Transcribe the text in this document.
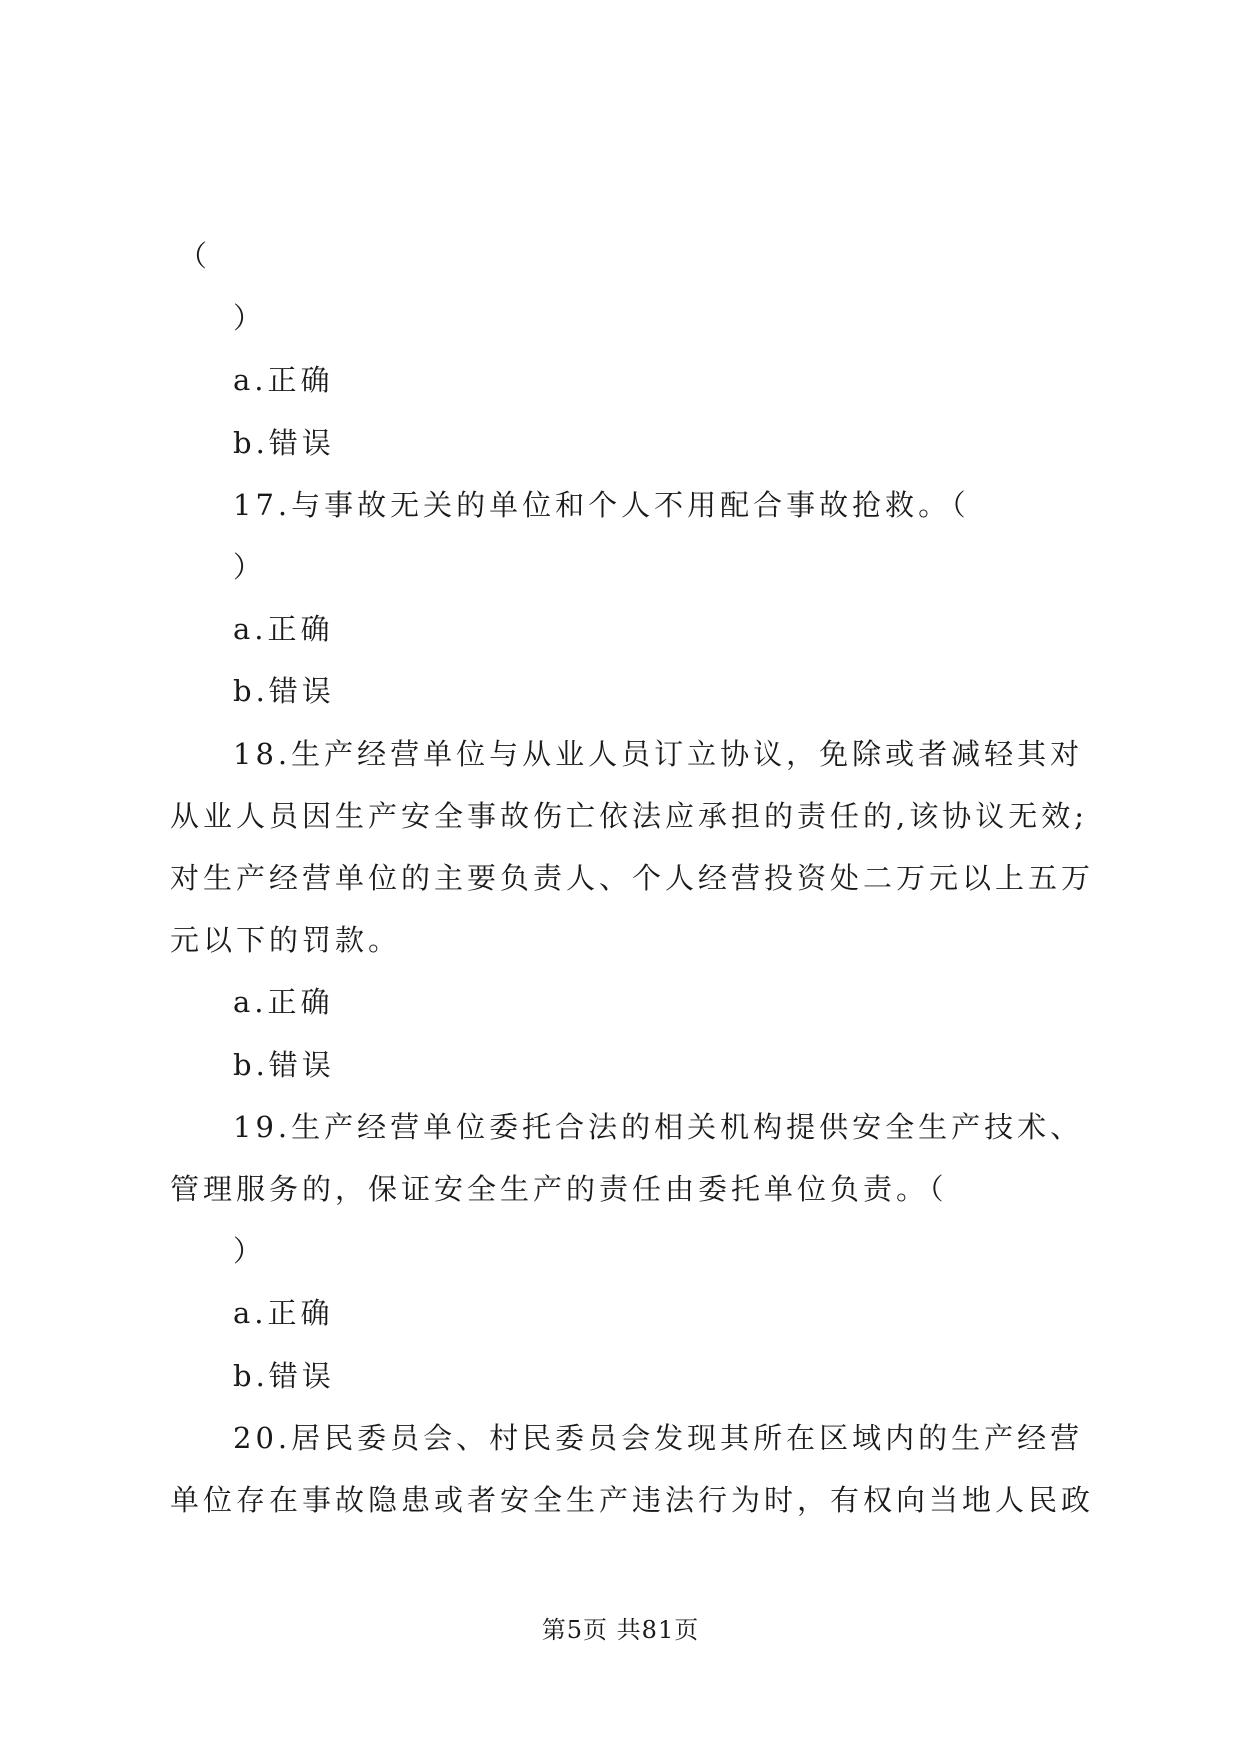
（
）
a.正确
b.错误
17.与事故无关的单位和个人不用配合事故抢救。（
）
a.正确
b.错误
18.生产经营单位与从业人员订立协议，免除或者减轻其对
从业人员因生产安全事故伤亡依法应承担的责任的,该协议无效;
对生产经营单位的主要负责人、个人经营投资处二万元以上五万
元以下的罚款。
a.正确
b.错误
19.生产经营单位委托合法的相关机构提供安全生产技术、
管理服务的，保证安全生产的责任由委托单位负责。（
）
a.正确
b.错误
20.居民委员会、村民委员会发现其所在区域内的生产经营
单位存在事故隐患或者安全生产违法行为时，有权向当地人民政
第5页 共81页
